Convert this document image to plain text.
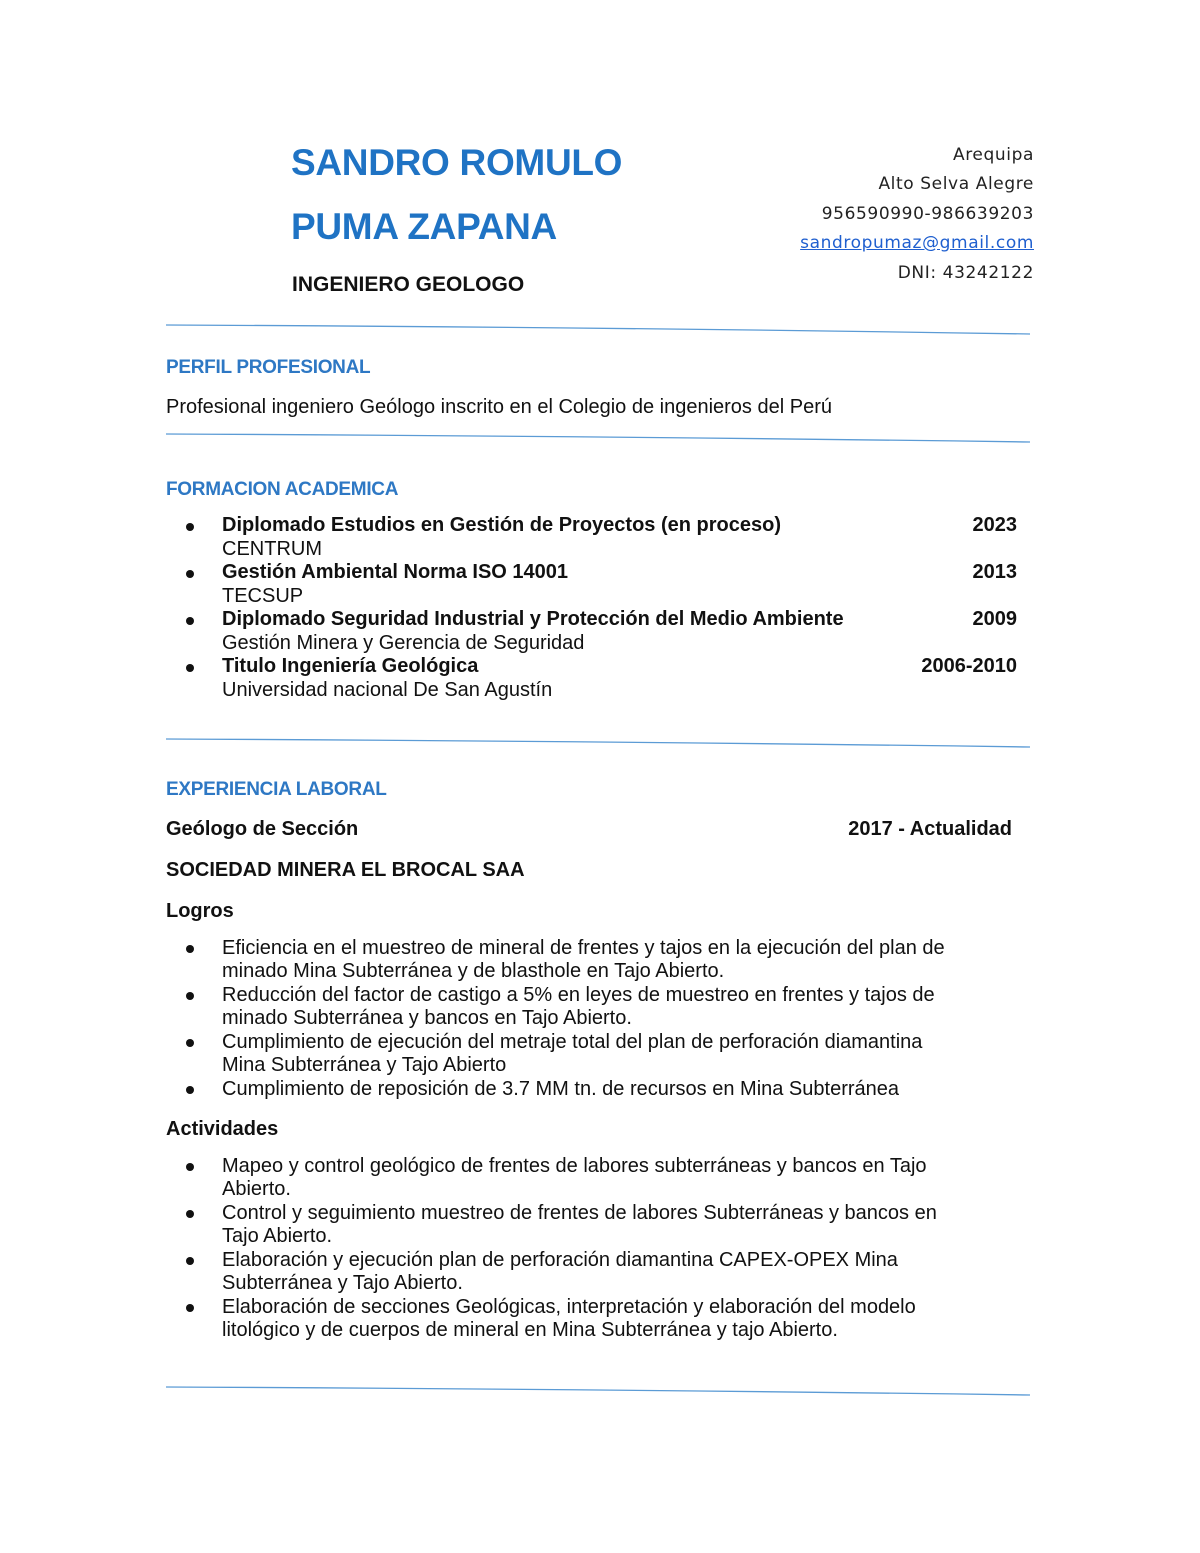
SANDRO ROMULO
PUMA ZAPANA
INGENIERO GEOLOGO
Arequipa
Alto Selva Alegre
956590990-986639203
sandropumaz@gmail.com
DNI: 43242122
PERFIL PROFESIONAL
Profesional ingeniero Geólogo inscrito en el Colegio de ingenieros del Perú
FORMACION ACADEMICA
Diplomado Estudios en Gestión de Proyectos (en proceso)
CENTRUM
2023
Gestión Ambiental Norma ISO 14001
TECSUP
2013
Diplomado Seguridad Industrial y Protección del Medio Ambiente
Gestión Minera y Gerencia de Seguridad
2009
Titulo Ingeniería Geológica
Universidad nacional De San Agustín
2006-2010
EXPERIENCIA LABORAL
Geólogo de Sección	2017 - Actualidad
SOCIEDAD MINERA EL BROCAL SAA
Logros
Eficiencia en el muestreo de mineral de frentes y tajos en la ejecución del plan de
minado Mina Subterránea y de blasthole en Tajo Abierto.
Reducción del factor de castigo a 5% en leyes de muestreo en frentes y tajos de
minado Subterránea y bancos en Tajo Abierto.
Cumplimiento de ejecución del metraje total del plan de perforación diamantina
Mina Subterránea y Tajo Abierto
Cumplimiento de reposición de 3.7 MM tn. de recursos en Mina Subterránea
Actividades
Mapeo y control geológico de frentes de labores subterráneas y bancos en Tajo
Abierto.
Control y seguimiento muestreo de frentes de labores Subterráneas y bancos en
Tajo Abierto.
Elaboración y ejecución plan de perforación diamantina CAPEX-OPEX Mina
Subterránea y Tajo Abierto.
Elaboración de secciones Geológicas, interpretación y elaboración del modelo
litológico y de cuerpos de mineral en Mina Subterránea y tajo Abierto.
